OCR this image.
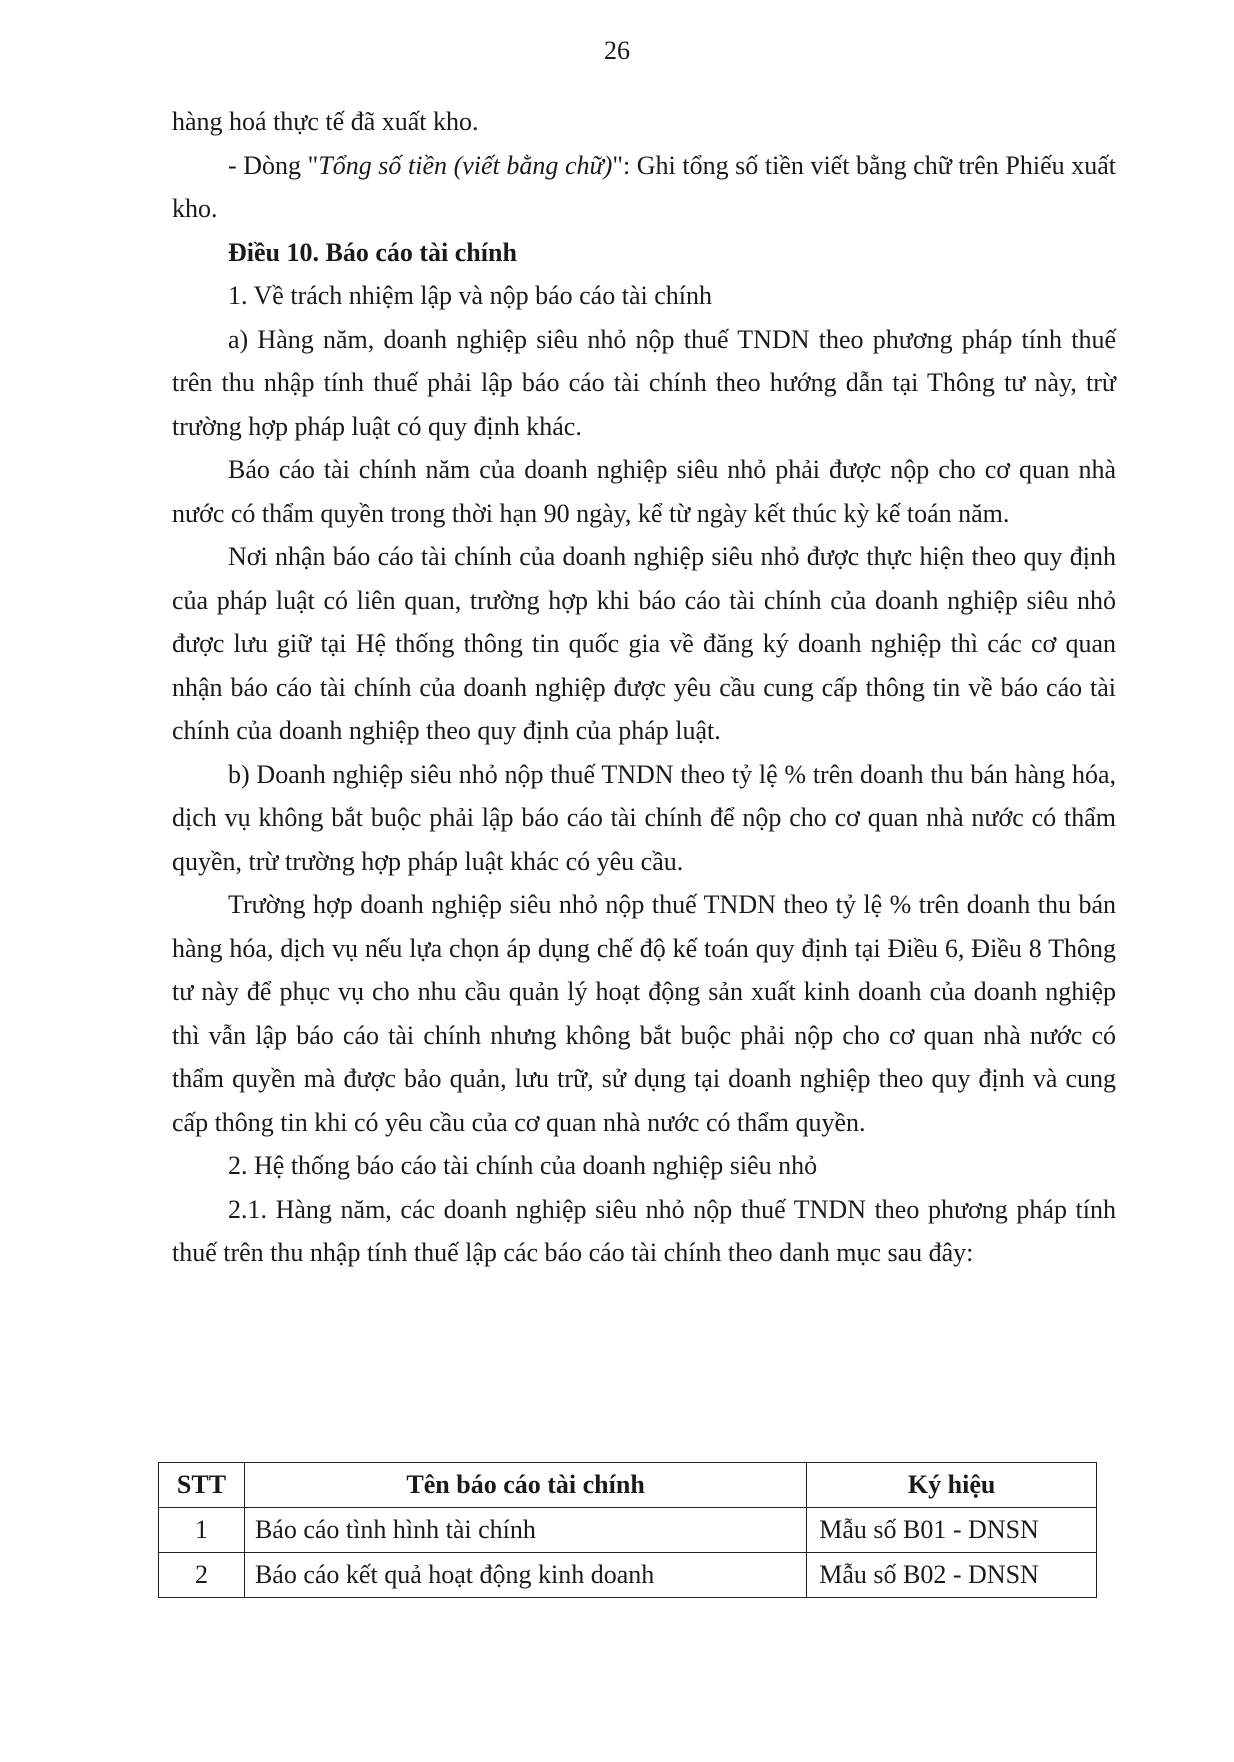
26

hàng hoá thực tế đã xuất kho.

- Dòng "Tổng số tiền (viết bằng chữ)": Ghi tổng số tiền viết bằng chữ trên Phiếu xuất kho.

Điều 10. Báo cáo tài chính

1. Về trách nhiệm lập và nộp báo cáo tài chính

a) Hàng năm, doanh nghiệp siêu nhỏ nộp thuế TNDN theo phương pháp tính thuế trên thu nhập tính thuế phải lập báo cáo tài chính theo hướng dẫn tại Thông tư này, trừ trường hợp pháp luật có quy định khác.

Báo cáo tài chính năm của doanh nghiệp siêu nhỏ phải được nộp cho cơ quan nhà nước có thẩm quyền trong thời hạn 90 ngày, kể từ ngày kết thúc kỳ kế toán năm.

Nơi nhận báo cáo tài chính của doanh nghiệp siêu nhỏ được thực hiện theo quy định của pháp luật có liên quan, trường hợp khi báo cáo tài chính của doanh nghiệp siêu nhỏ được lưu giữ tại Hệ thống thông tin quốc gia về đăng ký doanh nghiệp thì các cơ quan nhận báo cáo tài chính của doanh nghiệp được yêu cầu cung cấp thông tin về báo cáo tài chính của doanh nghiệp theo quy định của pháp luật.

b) Doanh nghiệp siêu nhỏ nộp thuế TNDN theo tỷ lệ % trên doanh thu bán hàng hóa, dịch vụ không bắt buộc phải lập báo cáo tài chính để nộp cho cơ quan nhà nước có thẩm quyền, trừ trường hợp pháp luật khác có yêu cầu.

Trường hợp doanh nghiệp siêu nhỏ nộp thuế TNDN theo tỷ lệ % trên doanh thu bán hàng hóa, dịch vụ nếu lựa chọn áp dụng chế độ kế toán quy định tại Điều 6, Điều 8 Thông tư này để phục vụ cho nhu cầu quản lý hoạt động sản xuất kinh doanh của doanh nghiệp thì vẫn lập báo cáo tài chính nhưng không bắt buộc phải nộp cho cơ quan nhà nước có thẩm quyền mà được bảo quản, lưu trữ, sử dụng tại doanh nghiệp theo quy định và cung cấp thông tin khi có yêu cầu của cơ quan nhà nước có thẩm quyền.

2. Hệ thống báo cáo tài chính của doanh nghiệp siêu nhỏ

2.1. Hàng năm, các doanh nghiệp siêu nhỏ nộp thuế TNDN theo phương pháp tính thuế trên thu nhập tính thuế lập các báo cáo tài chính theo danh mục sau đây:

STT	Tên báo cáo tài chính	Ký hiệu
1	Báo cáo tình hình tài chính	Mẫu số B01 - DNSN
2	Báo cáo kết quả hoạt động kinh doanh	Mẫu số B02 - DNSN
